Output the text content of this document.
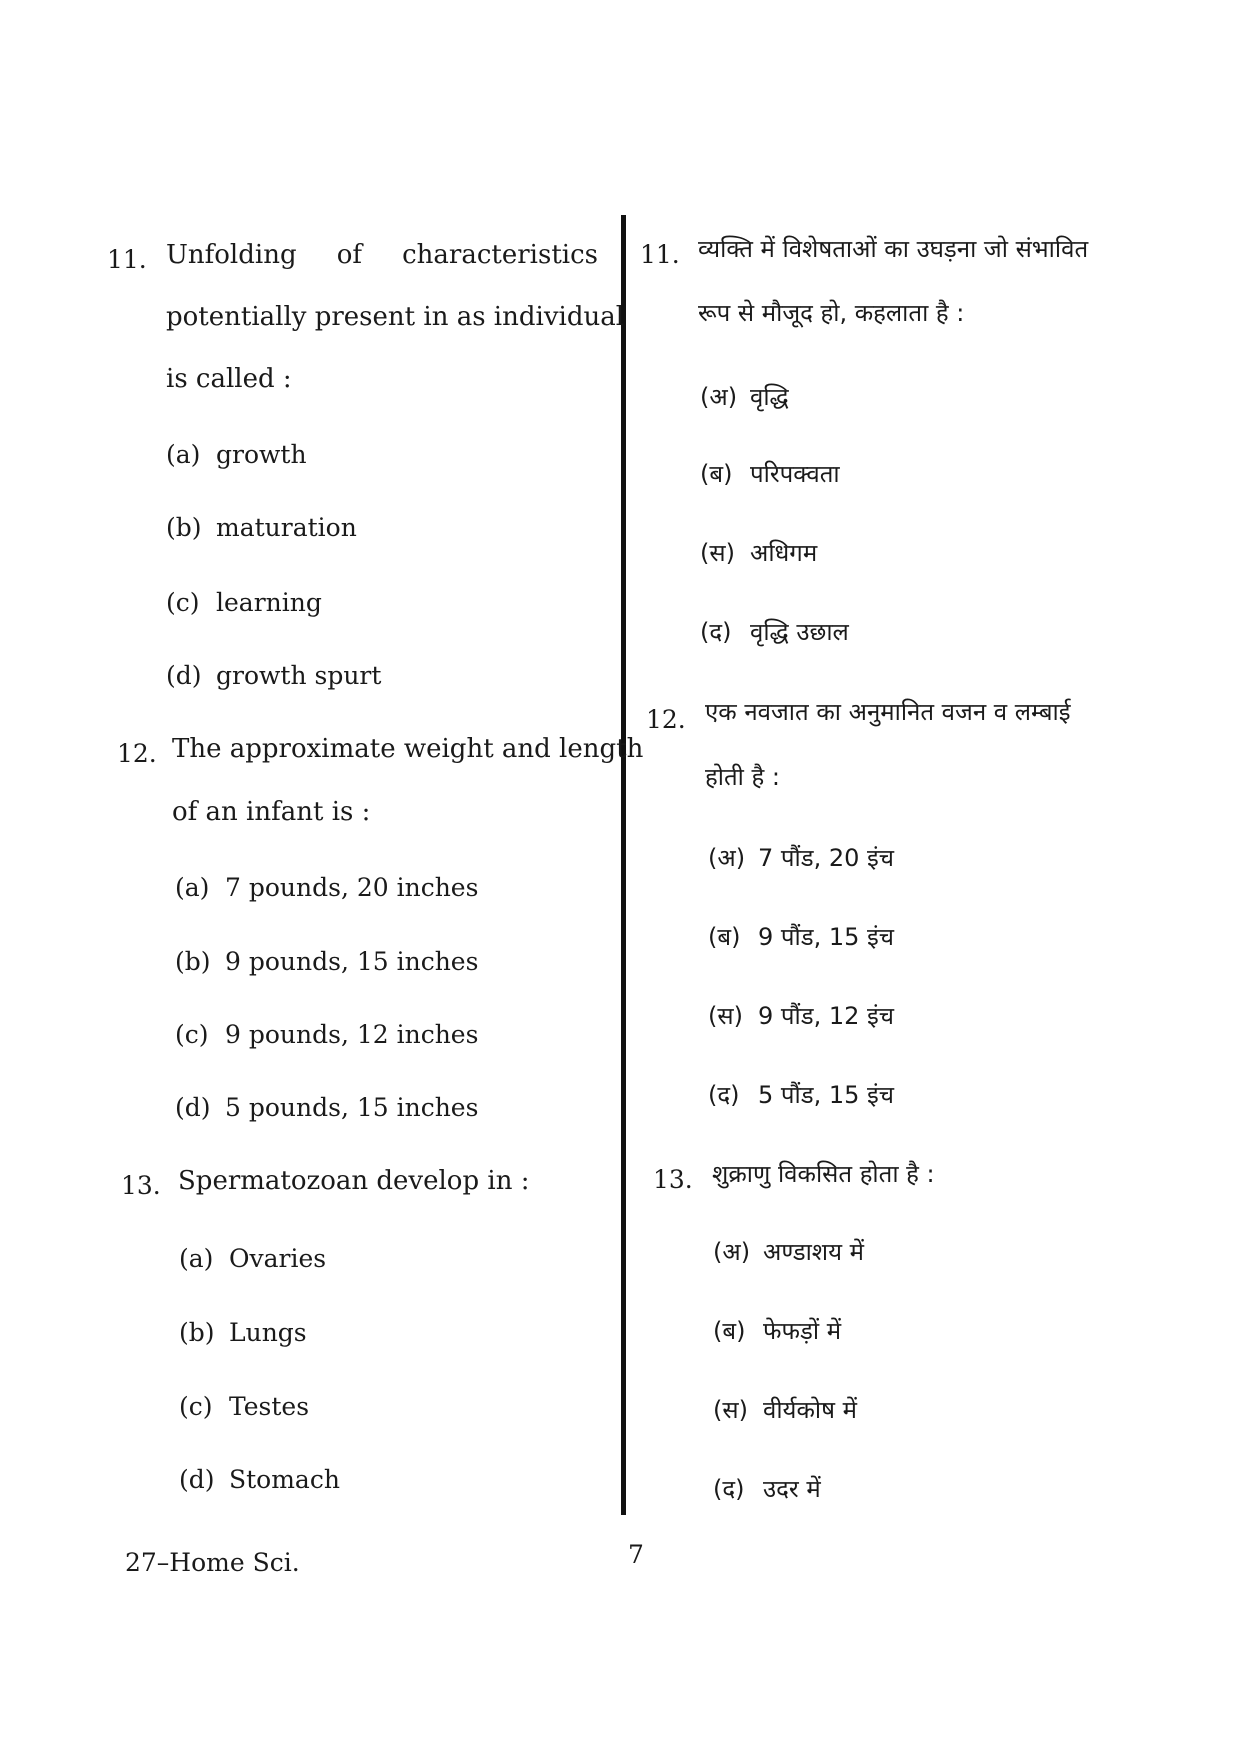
11. Unfolding of characteristics
potentially present in as individual
is called :
(a) growth
(b) maturation
(c) learning
(d) growth spurt
12. The approximate weight and length
of an infant is :
(a) 7 pounds, 20 inches
(b) 9 pounds, 15 inches
(c) 9 pounds, 12 inches
(d) 5 pounds, 15 inches
13. Spermatozoan develop in :
(a) Ovaries
(b) Lungs
(c) Testes
(d) Stomach
11. व्यक्ति में विशेषताओं का उघड़ना जो संभावित
रूप से मौजूद हो, कहलाता है :
(अ) वृद्धि
(ब) परिपक्वता
(स) अधिगम
(द) वृद्धि उछाल
12. एक नवजात का अनुमानित वजन व लम्बाई
होती है :
(अ) 7 पौंड, 20 इंच
(ब) 9 पौंड, 15 इंच
(स) 9 पौंड, 12 इंच
(द) 5 पौंड, 15 इंच
13. शुक्राणु विकसित होता है :
(अ) अण्डाशय में
(ब) फेफड़ों में
(स) वीर्यकोष में
(द) उदर में
27–Home Sci.	7
